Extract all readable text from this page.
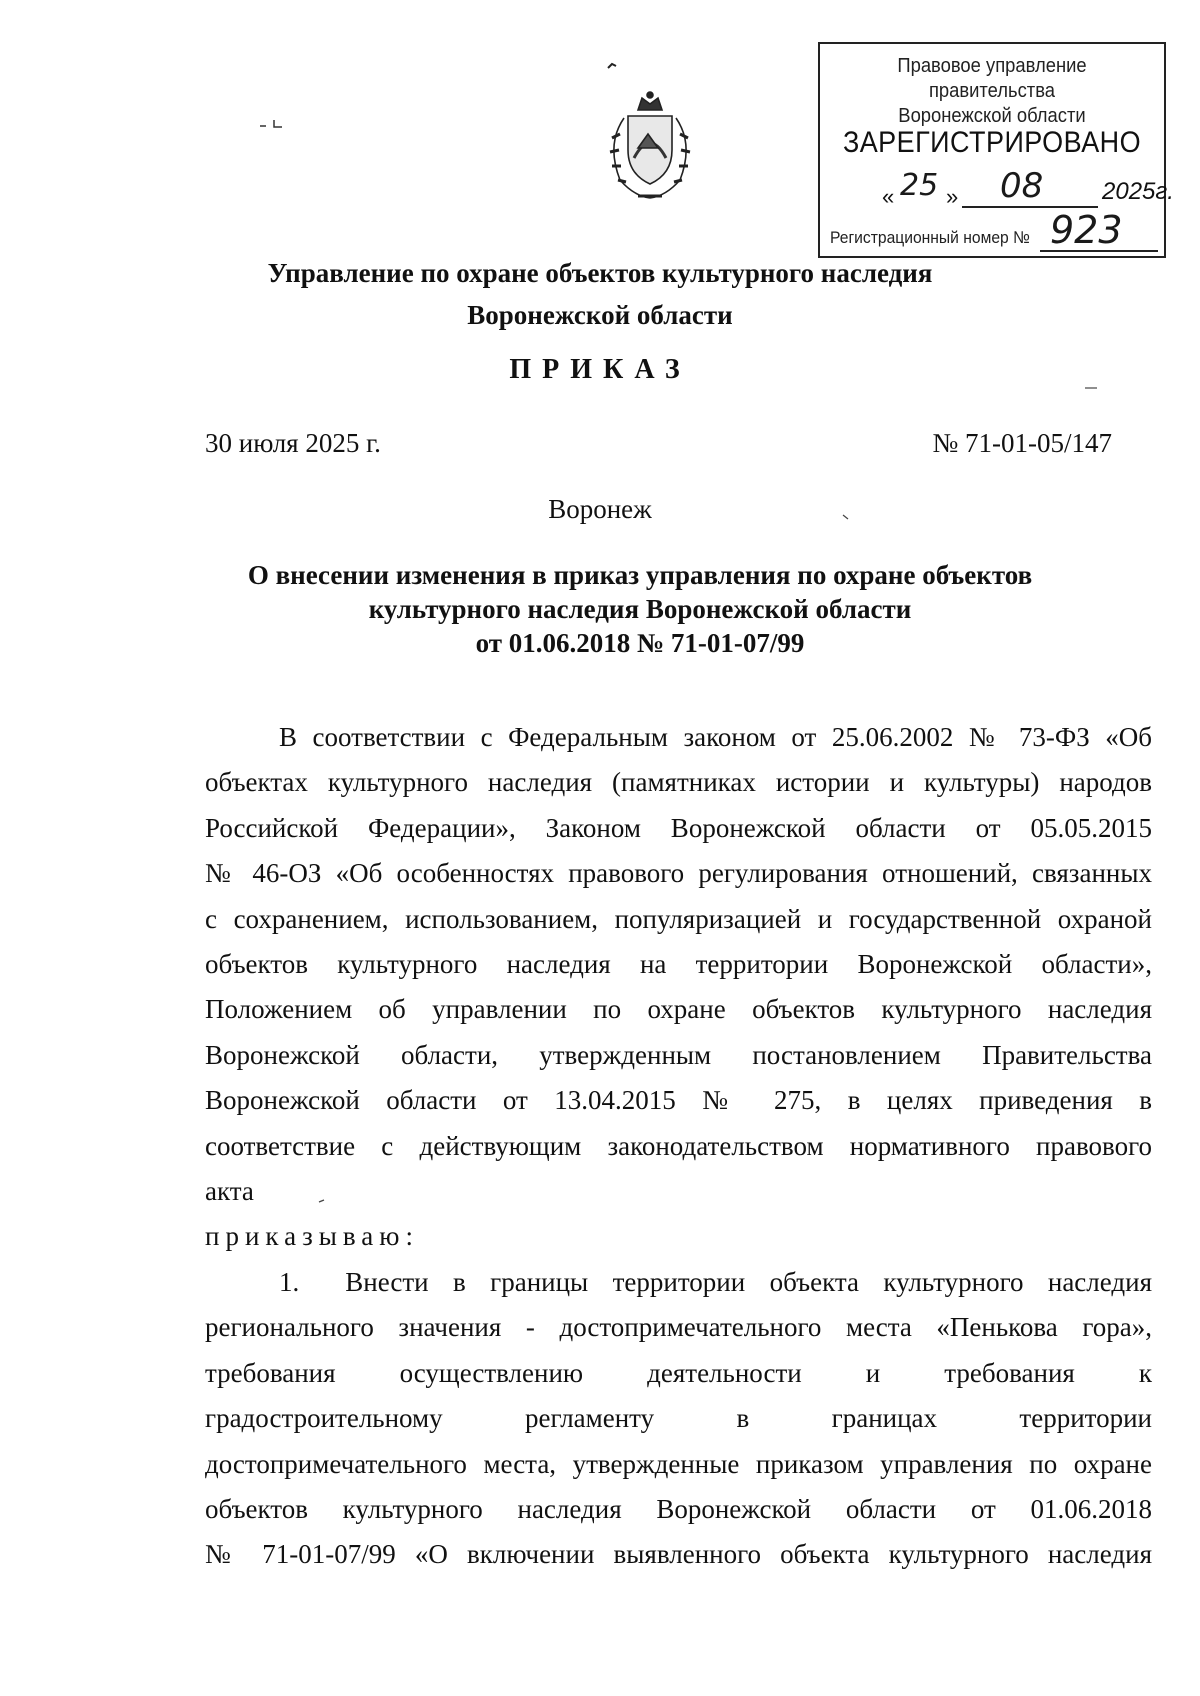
Правовое управление правительства
Воронежской области
ЗАРЕГИСТРИРОВАНО
« 25 » 08 2025г.
Регистрационный номер № 923
Управление по охране объектов культурного наследия
Воронежской области
ПРИКАЗ
30 июля 2025 г.	№ 71-01-05/147
Воронеж
О внесении изменения в приказ управления по охране объектов
культурного наследия Воронежской области
от 01.06.2018 № 71-01-07/99

В соответствии с Федеральным законом от 25.06.2002 № 73-ФЗ «Об

объектах культурного наследия (памятниках истории и культуры) народов

Российской Федерации», Законом Воронежской области от 05.05.2015

№ 46-ОЗ «Об особенностях правового регулирования отношений, связанных

с сохранением, использованием, популяризацией и государственной охраной

объектов культурного наследия на территории Воронежской области»,

Положением об управлении по охране объектов культурного наследия

Воронежской области, утвержденным постановлением Правительства

Воронежской области от 13.04.2015 № 275, в целях приведения в

соответствие с действующим законодательством нормативного правового

акта

приказываю:

1. Внести в границы территории объекта культурного наследия

регионального значения - достопримечательного места «Пенькова гора»,

требования осуществлению деятельности и требования к

градостроительному регламенту в границах территории

достопримечательного места, утвержденные приказом управления по охране

объектов культурного наследия Воронежской области от 01.06.2018

№ 71-01-07/99 «О включении выявленного объекта культурного наследия
